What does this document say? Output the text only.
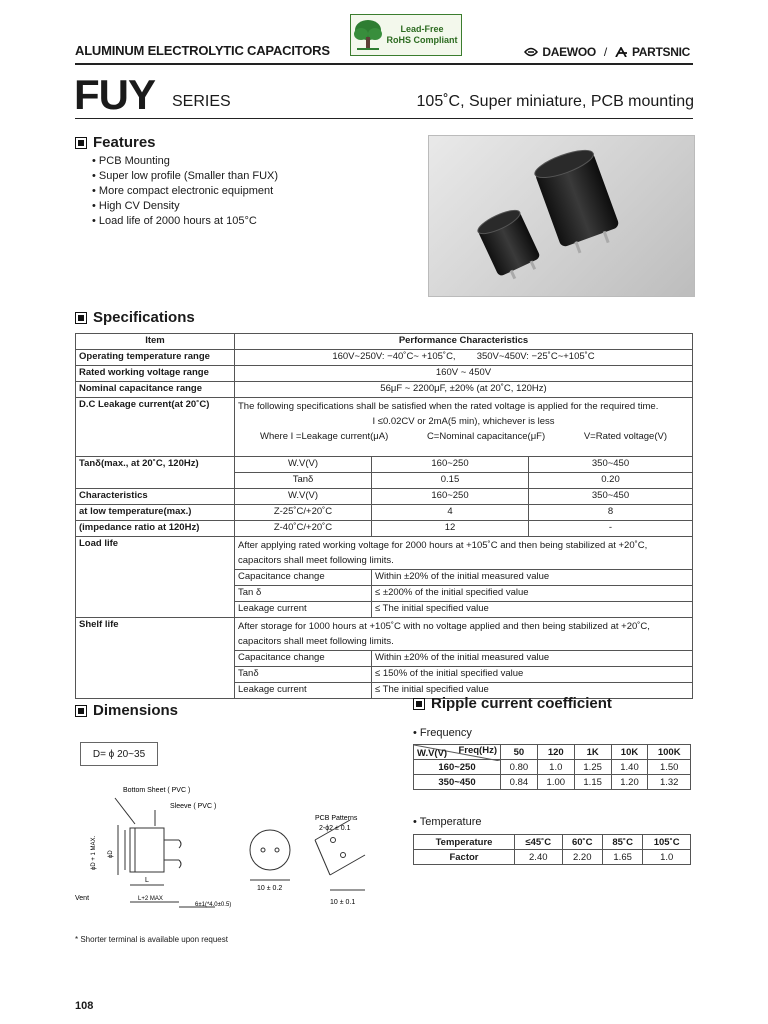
Lead-Free
RoHS Compliant
ALUMINUM ELECTROLYTIC CAPACITORS	DAEWOO / PARTSNIC
FUY SERIES	105˚C, Super miniature, PCB mounting
Features
• PCB Mounting
• Super low profile (Smaller than FUX)
• More compact electronic equipment
• High CV Density
• Load life of 2000 hours at 105°C
Specifications
Item	Performance Characteristics		
Operating temperature range	160V~250V: −40˚C~ +105˚C, 350V~450V: −25˚C~+105˚C		
Rated working voltage range	160V ~ 450V		
Nominal capacitance range	56μF ~ 2200μF, ±20% (at 20˚C, 120Hz)		
D.C Leakage current(at 20˚C)	The following specifications shall be satisfied when the rated voltage is applied for the required time.
I ≤0.02CV or 2mA(5 min), whichever is less
Where I =Leakage current(μA) C=Nominal capacitance(μF) V=Rated voltage(V)		

Tanδ(max., at 20˚C, 120Hz)	W.V(V)	160~250	350~450
	Tanδ	0.15	0.20
Characteristics	W.V(V)	160~250	350~450
at low temperature(max.)	Z-25˚C/+20˚C	4	8
(impedance ratio at 120Hz)	Z-40˚C/+20˚C	12	-
Load life	After applying rated working voltage for 2000 hours at +105˚C and then being stabilized at +20˚C,
capacitors shall meet following limits.		

	Capacitance change	Within ±20% of the initial measured value	
	Tan δ	≤ ±200% of the initial specified value	
	Leakage current	≤ The initial specified value	
Shelf life	After storage for 1000 hours at +105˚C with no voltage applied and then being stabilized at +20˚C,
capacitors shall meet following limits.		

	Capacitance change	Within ±20% of the initial measured value	
	Tanδ	≤ 150% of the initial specified value	
	Leakage current	≤ The initial specified value	
Dimensions
D= ϕ 20~35
Bottom Sheet ( PVC )
Sleeve ( PVC )
PCB Patterns
2-ϕ2 ± 0.1
ϕD + 1 MAX. ϕD
L
L+2 MAX
Vent
6±1(*4.0±0.5)
10 ± 0.2
10 ± 0.1
* Shorter terminal is available upon request
Ripple current coefficient
• Frequency
Freq(Hz)
W.V(V)	50	120	1K	10K	100K
160~250	0.80	1.0	1.25	1.40	1.50
350~450	0.84	1.00	1.15	1.20	1.32
• Temperature
Temperature	≤45˚C	60˚C	85˚C	105˚C
Factor	2.40	2.20	1.65	1.0
108
